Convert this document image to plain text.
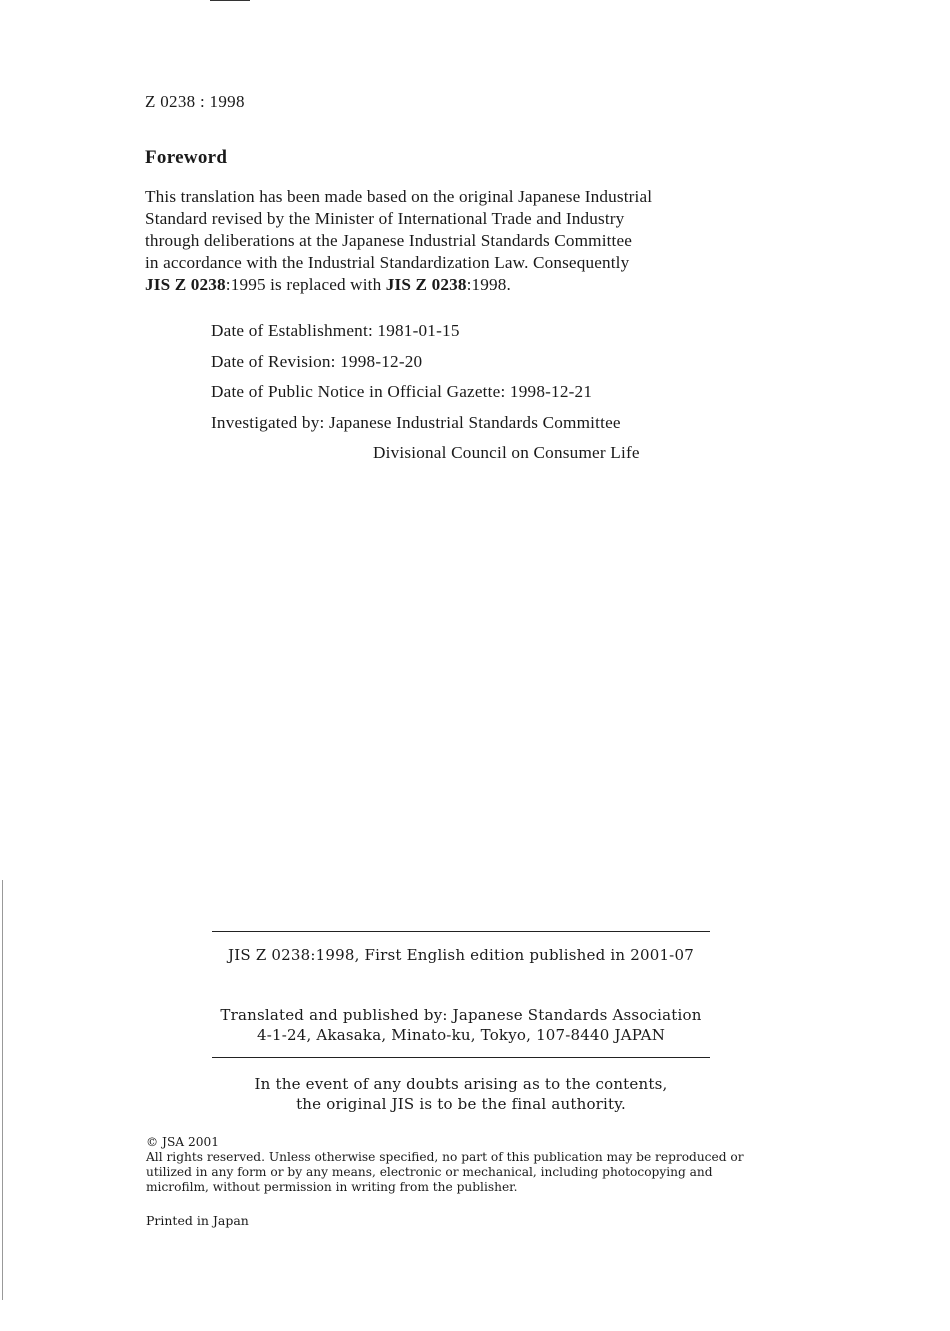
Z 0238 : 1998
Foreword
This translation has been made based on the original Japanese Industrial
Standard revised by the Minister of International Trade and Industry
through deliberations at the Japanese Industrial Standards Committee
in accordance with the Industrial Standardization Law. Consequently
JIS Z 0238:1995 is replaced with JIS Z 0238:1998.
Date of Establishment: 1981-01-15
Date of Revision: 1998-12-20
Date of Public Notice in Official Gazette: 1998-12-21
Investigated by: Japanese Industrial Standards Committee
Divisional Council on Consumer Life
JIS Z 0238:1998, First English edition published in 2001-07
Translated and published by: Japanese Standards Association
4-1-24, Akasaka, Minato-ku, Tokyo, 107-8440 JAPAN
In the event of any doubts arising as to the contents,
the original JIS is to be the final authority.
© JSA 2001
All rights reserved. Unless otherwise specified, no part of this publication may be reproduced or
utilized in any form or by any means, electronic or mechanical, including photocopying and
microfilm, without permission in writing from the publisher.
Printed in Japan
